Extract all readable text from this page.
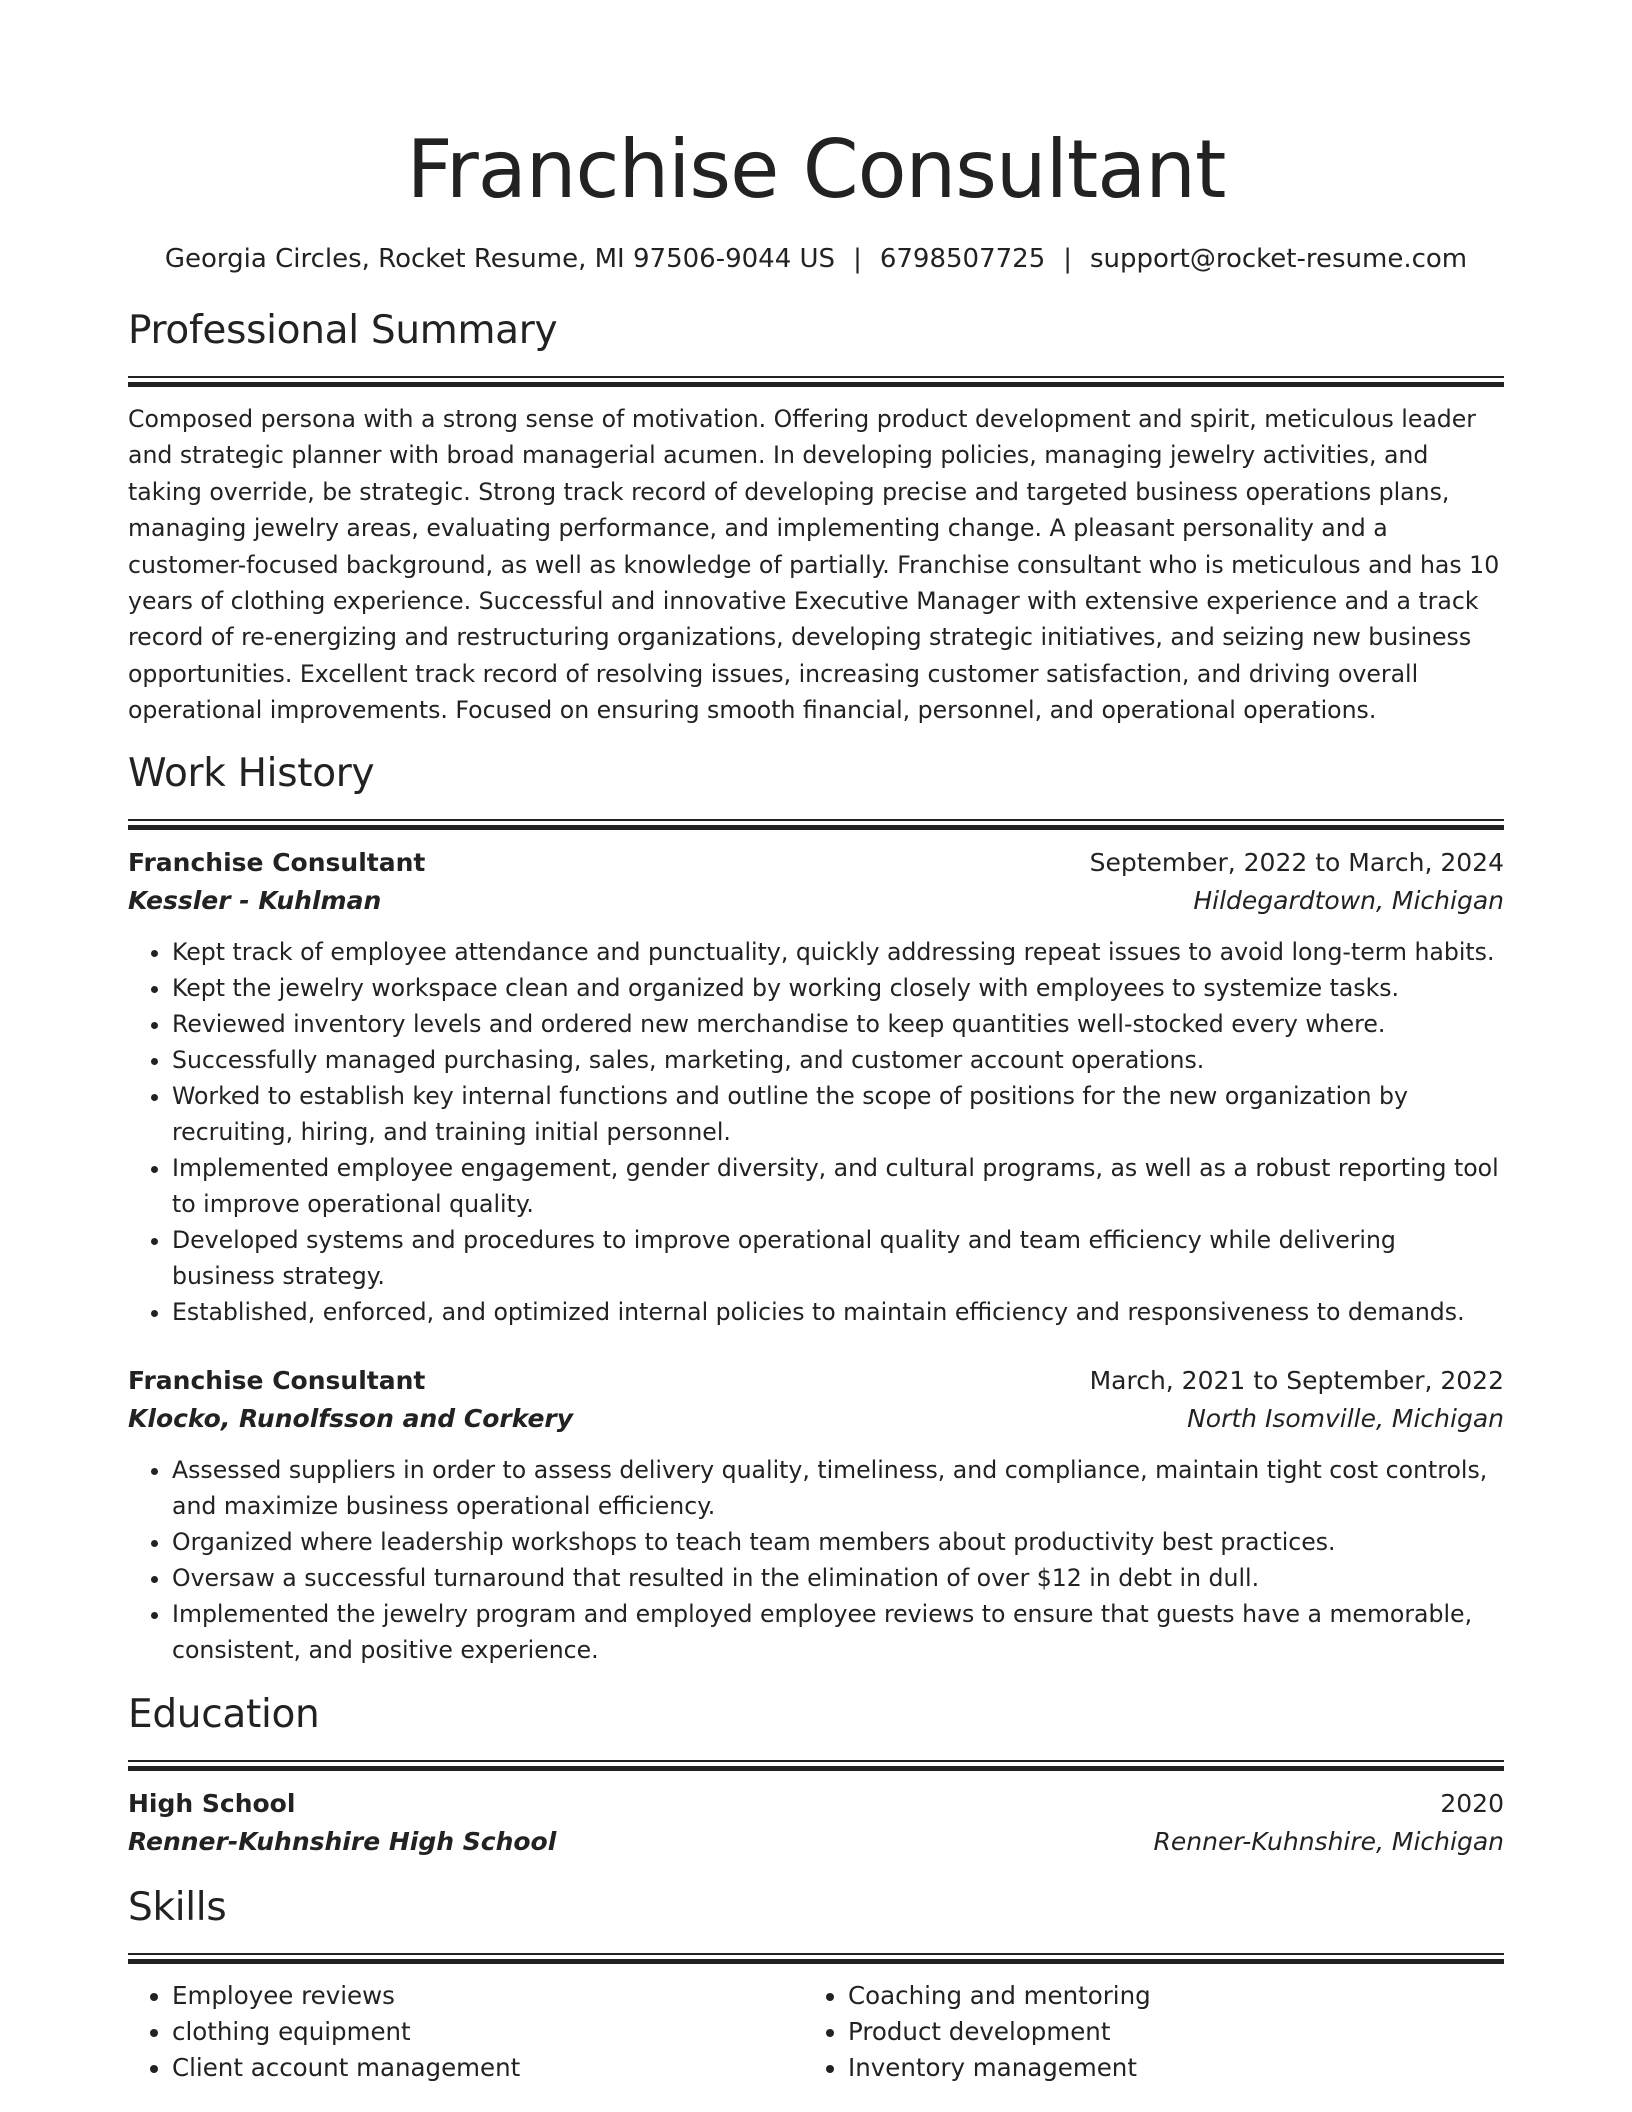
Franchise Consultant
Georgia Circles, Rocket Resume, MI 97506-9044 US | 6798507725 | support@rocket-resume.com
Professional Summary

Composed persona with a strong sense of motivation. Offering product development and spirit, meticulous leader and strategic planner with broad managerial acumen. In developing policies, managing jewelry activities, and taking override, be strategic. Strong track record of developing precise and targeted business operations plans, managing jewelry areas, evaluating performance, and implementing change. A pleasant personality and a customer-focused background, as well as knowledge of partially. Franchise consultant who is meticulous and has 10 years of clothing experience. Successful and innovative Executive Manager with extensive experience and a track record of re-energizing and restructuring organizations, developing strategic initiatives, and seizing new business opportunities. Excellent track record of resolving issues, increasing customer satisfaction, and driving overall operational improvements. Focused on ensuring smooth financial, personnel, and operational operations.

Work History
Franchise Consultant	September, 2022 to March, 2024
Kessler - Kuhlman	Hildegardtown, Michigan
• Kept track of employee attendance and punctuality, quickly addressing repeat issues to avoid long-term habits.
• Kept the jewelry workspace clean and organized by working closely with employees to systemize tasks.
• Reviewed inventory levels and ordered new merchandise to keep quantities well-stocked every where.
• Successfully managed purchasing, sales, marketing, and customer account operations.
• Worked to establish key internal functions and outline the scope of positions for the new organization by recruiting, hiring, and training initial personnel.
• Implemented employee engagement, gender diversity, and cultural programs, as well as a robust reporting tool to improve operational quality.
• Developed systems and procedures to improve operational quality and team efficiency while delivering business strategy.
• Established, enforced, and optimized internal policies to maintain efficiency and responsiveness to demands.
Franchise Consultant	March, 2021 to September, 2022
Klocko, Runolfsson and Corkery	North Isomville, Michigan
• Assessed suppliers in order to assess delivery quality, timeliness, and compliance, maintain tight cost controls, and maximize business operational efficiency.
• Organized where leadership workshops to teach team members about productivity best practices.
• Oversaw a successful turnaround that resulted in the elimination of over $12 in debt in dull.
• Implemented the jewelry program and employed employee reviews to ensure that guests have a memorable, consistent, and positive experience.
Education
High School	2020
Renner-Kuhnshire High School	Renner-Kuhnshire, Michigan
Skills
• Employee reviews
• clothing equipment
• Client account management
• Coaching and mentoring
• Product development
• Inventory management
